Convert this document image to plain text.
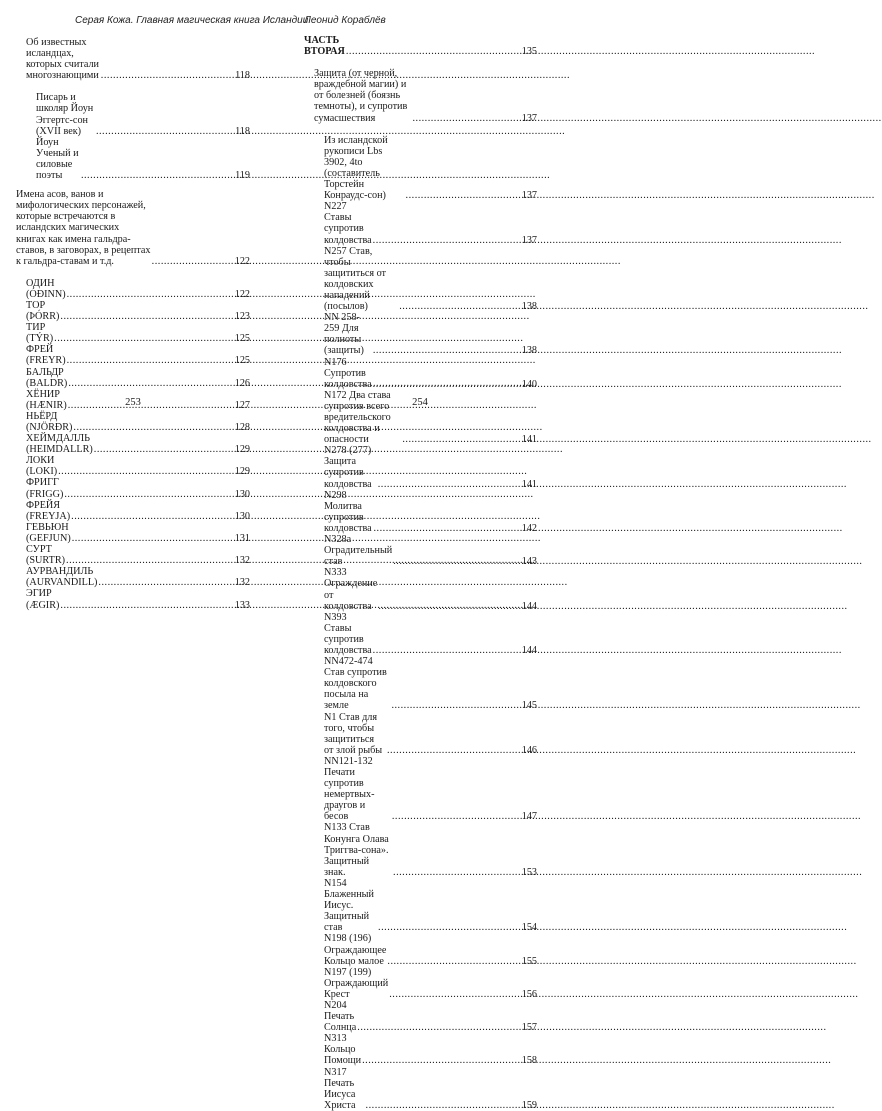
Серая Кожа. Главная магическая книга Исландии
Об известных исландцах, которых считали многознающими .....	118
Писарь и школяр Йоун Эггертс-сон (XVII век) .....	118
Йоун Ученый и силовые поэты .....	119
Имена асов, ванов и мифологических персонажей, которые встречаются в исландских магических книгах как имена гальдра-ставов, в заговорах, в рецептах к гальдра-ставам и т.д. .....	122
ОДИН (ÓÐINN) .....	122
ТОР (ÞÓRR) .....	123
ТИР (TÝR) .....	125
ФРЕЙ (FREYR) .....	125
БАЛЬДР (BALDR) .....	126
ХЁНИР (HÆNIR) .....	127
НЬЁРД (NJÖRÐR) .....	128
ХЕЙМДАЛЛЬ (HEIMDALLR) .....	129
ЛОКИ (LOKI) .....	129
ФРИГГ (FRIGG) .....	130
ФРЕЙЯ (FREYJA) .....	130
ГЕВЬЮН (GEFJUN) .....	131
СУРТ (SURTR) .....	132
АУРВАНДИЛЬ (AURVANDILL) .....	132
ЭГИР (ÆGIR) .....	133
253
Леонид Кораблёв
ЧАСТЬ ВТОРАЯ .....	135
Защита (от черной, враждебной магии) и от болезней (боязнь темноты), и супротив сумасшествия .....	137
Из исландской рукописи Lbs 3902, 4to (составитель Торстейн Конраудс-сон) .....	137
N227 Ставы супротив колдовства .....	137
N257 Став, чтобы защититься от колдовских нападений (посылов) .....	138
NN 258-259 Для полноты (защиты) .....	138
N176 Супротив колдовства .....	140
N172 Два става супротив всего вредительского колдовства и опасности .....	141
N278 (277) Защита супротив колдовства .....	141
N298 Молитва супротив колдовства .....	142
N328a Оградительный став .....	143
N333 Ограждение от колдовства .....	144
N393 Ставы супротив колдовства .....	144
NN472-474 Став супротив колдовского посыла на земле .....	145
N1 Став для того, чтобы защититься от злой рыбы .....	146
NN121-132 Печати супротив немертвых-драугов и бесов .....	147
N133 Став Конунга Олава Триггва-сона». Защитный знак. .....	153
N154 Блаженный Иисус. Защитный став .....	154
N198 (196) Ограждающее Кольцо малое .....	155
N197 (199) Ограждающий Крест .....	156
N204 Печать Солнца .....	157
N313 Кольцо Помощи .....	158
N317 Печать Иисуса Христа .....	159
254
